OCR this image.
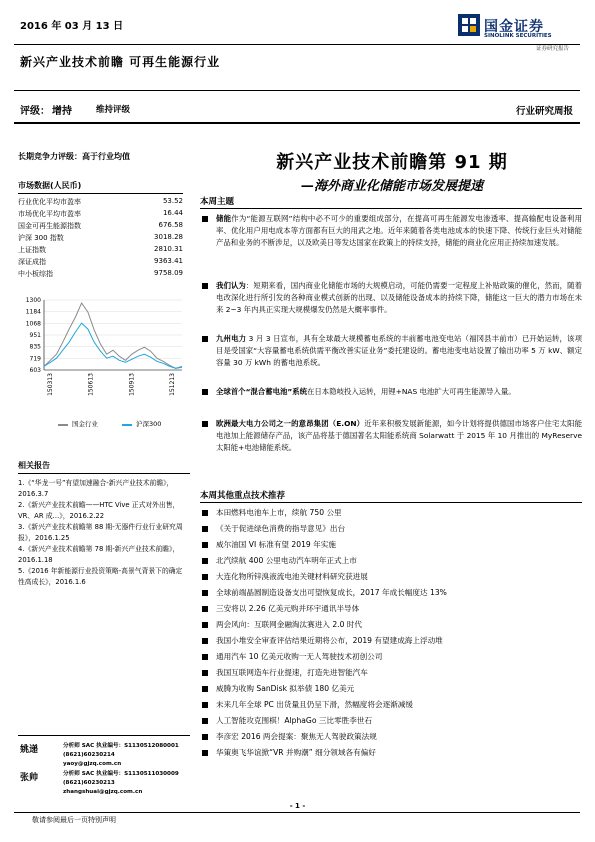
2016 年 03 月 13 日	国金证券
SINOLINK SECURITIES
证券研究报告
新兴产业技术前瞻 可再生能源行业
评级： 增持	维持评级	行业研究周报
长期竞争力评级：高于行业均值
市场数据(人民币)
行业优化平均市盈率	53.52
市场优化平均市盈率	16.44
国金可再生能源指数	676.58
沪深 300 指数	3018.28
上证指数	2810.31
深证成指	9363.41
中小板综指	9758.09
1300
1184
1068
951
835
719
603
150313	150613	150913	151213
国金行业	沪深300
相关报告
1.《“华龙一号”有望加速融合-新兴产业技术前瞻》，2016.3.7
2.《新兴产业技术前瞻——HTC Vive 正式对外出售，VR、AR 成…》，2016.2.22
3.《新兴产业技术前瞻第 88 期-无器件行业行业研究周报》，2016.1.25
4.《新兴产业技术前瞻第 78 期-新兴产业技术前瞻》，2016.1.18
5.《2016 年新能源行业投资策略-高景气背景下的确定性高成长》，2016.1.6
姚递	分析师 SAC 执业编号：S1130512080001
(8621)60230214
yaoy@gjzq.com.cn
张帅	分析师 SAC 执业编号：S1130511030009
(8621)60230213
zhangshuai@gjzq.com.cn
新兴产业技术前瞻第 91 期
—海外商业化储能市场发展提速
本周主题
储能作为“能源互联网”结构中必不可少的重要组成部分，在提高可再生能源发电渗透率、提高输配电设备利用率、优化用户用电成本等方面都有巨大的用武之地。近年来随着各类电池成本的快速下降、传统行业巨头对储能产品和业务的不断涉足，以及欧美日等发达国家在政策上的持续支持，储能的商业化应用正持续加速发展。
我们认为：短期来看，国内商业化储能市场的大规模启动，可能仍需要一定程度上补贴政策的催化，然而，随着电改深化进行所引发的各种商业模式创新的出现、以及储能设备成本的持续下降，储能这一巨大的潜力市场在未来 2~3 年内具正实现大规模爆发仍然是大概率事件。
九州电力 3 月 3 日宣布，具有全球最大规模蓄电系统的丰前蓄电池变电站（福冈县丰前市）已开始运转，该项目是受国家“大容量蓄电系统供需平衡改善实证业务”委托建设的。蓄电池变电站设置了输出功率 5 万 kW、额定容量 30 万 kWh 的蓄电池系统。
全球首个“混合蓄电池”系统在日本隐岐投入运转，用锂+NAS 电池扩大可再生能源导入量。
欧洲最大电力公司之一的意昂集团（E.ON）近年来积极发展新能源，如今计划将提供德国市场客户住宅太阳能电池加上能源储存产品，该产品将基于德国著名太阳能系统商 Solarwatt 于 2015 年 10 月推出的 MyReserve 太阳能+电池储能系统。
本周其他重点技术推荐
本田燃料电池车上市，续航 750 公里
《关于促进绿色消费的指导意见》出台
威尔油国 VI 标准有望 2019 年实施
北汽续航 400 公里电动汽车明年正式上市
大连化物所锌溴液流电池关键材料研究获进展
全球前端晶圆制造设备支出可望恢复成长，2017 年成长幅度达 13%
三安将以 2.26 亿美元购并环宇通讯半导体
两会风向：互联网金融淘汰赛进入 2.0 时代
我国小堆安全审查评估结果近期将公布，2019 有望建成海上浮动堆
通用汽车 10 亿美元收购一无人驾驶技术初创公司
我国互联网造车行业提速，打造先进智能汽车
威腾为收购 SanDisk 拟举债 180 亿美元
未来几年全球 PC 出货量且仍呈下滑，然幅度将会逐渐减缓
人工智能攻克围棋！AlphaGo 三比零胜李世石
李彦宏 2016 两会提案：聚焦无人驾驶政策法规
华策奥飞华谊掀“VR 并购潮” 细分领域各有偏好
- 1 -
敬请参阅最后一页特别声明
